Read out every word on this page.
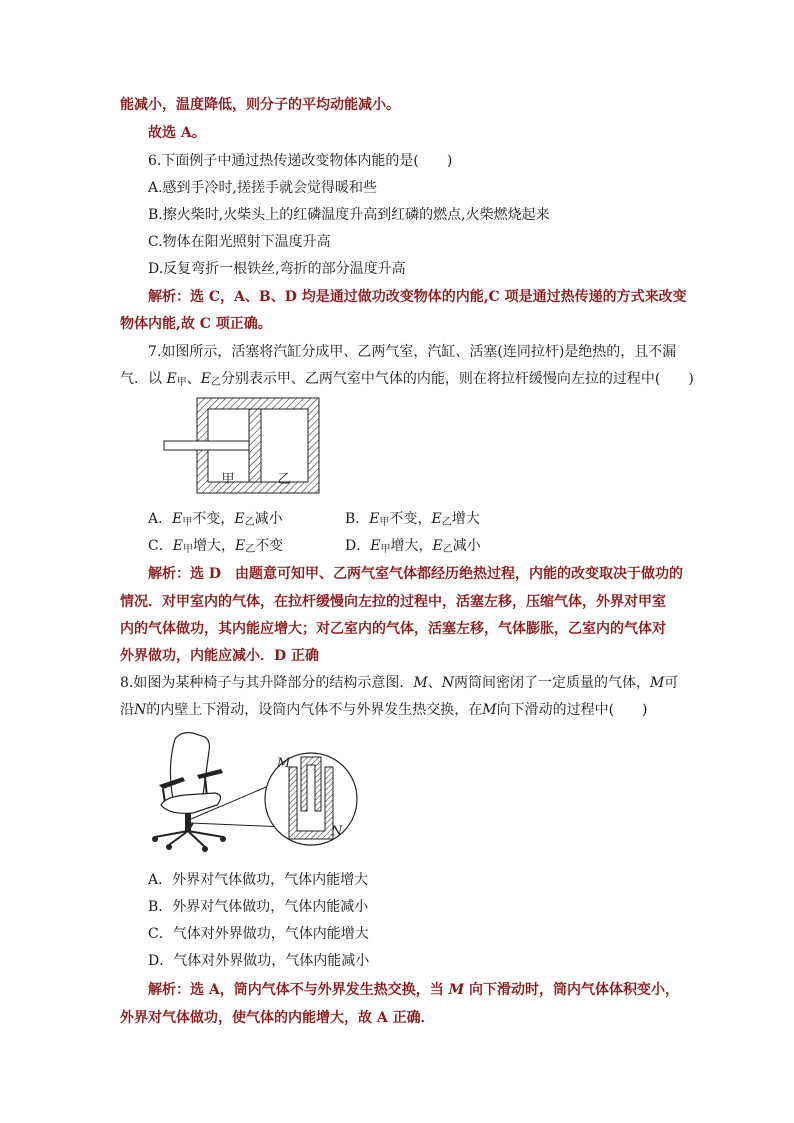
能减小，温度降低，则分子的平均动能减小。
故选 A。
6.下面例子中通过热传递改变物体内能的是(　　)
A.感到手冷时,搓搓手就会觉得暖和些
B.擦火柴时,火柴头上的红磷温度升高到红磷的燃点,火柴燃烧起来
C.物体在阳光照射下温度升高
D.反复弯折一根铁丝,弯折的部分温度升高
解析：选 C，A、B、D 均是通过做功改变物体的内能,C 项是通过热传递的方式来改变
物体内能,故 C 项正确。
7.如图所示，活塞将汽缸分成甲、乙两气室，汽缸、活塞(连同拉杆)是绝热的，且不漏
气．以 $E_甲$、$E_乙$分别表示甲、乙两气室中气体的内能，则在将拉杆缓慢向左拉的过程中(　　)
甲	乙
A．$E_甲$不变，$E_乙$减小	B．$E_甲$不变，$E_乙$增大
C．$E_甲$增大，$E_乙$不变	D．$E_甲$增大，$E_乙$减小
解析：选 D　由题意可知甲、乙两气室气体都经历绝热过程，内能的改变取决于做功的
情况．对甲室内的气体，在拉杆缓慢向左拉的过程中，活塞左移，压缩气体，外界对甲室
内的气体做功，其内能应增大；对乙室内的气体，活塞左移，气体膨胀，乙室内的气体对
外界做功，内能应减小．D 正确
8.如图为某种椅子与其升降部分的结构示意图．M、N两筒间密闭了一定质量的气体，M可
沿N的内壁上下滑动，设筒内气体不与外界发生热交换，在M向下滑动的过程中(　　)
M
N
A．外界对气体做功，气体内能增大
B．外界对气体做功，气体内能减小
C．气体对外界做功，气体内能增大
D．气体对外界做功，气体内能减小
解析：选 A，筒内气体不与外界发生热交换，当 M 向下滑动时，筒内气体体积变小，
外界对气体做功，使气体的内能增大，故 A 正确．
